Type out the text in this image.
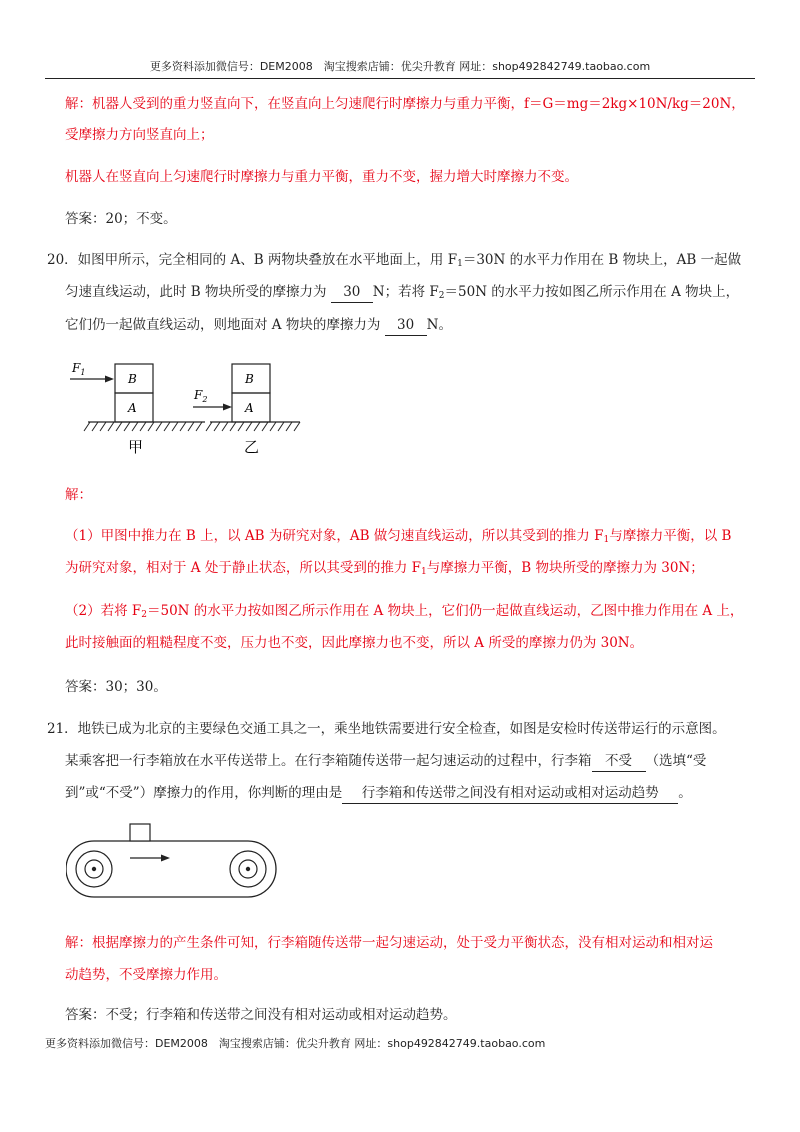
更多资料添加微信号：DEM2008　淘宝搜索店铺：优尖升教育 网址：shop492842749.taobao.com
解：机器人受到的重力竖直向下，在竖直向上匀速爬行时摩擦力与重力平衡，f＝G＝mg＝2kg×10N/kg＝20N，
受摩擦力方向竖直向上；
机器人在竖直向上匀速爬行时摩擦力与重力平衡，重力不变，握力增大时摩擦力不变。
答案：20；不变。
20．如图甲所示，完全相同的 A、B 两物块叠放在水平地面上，用 $F_1=30N$ 的水平力作用在 B 物块上，AB 一起做
匀速直线运动，此时 B 物块所受的摩擦力为 30 N；若将 $F_2=50N$ 的水平力按如图乙所示作用在 A 物块上，
它们仍一起做直线运动，则地面对 A 物块的摩擦力为 30 N。
B
A
$F_1$
甲
B
A
$F_2$
乙
解：
（1）甲图中推力在 B 上，以 AB 为研究对象，AB 做匀速直线运动，所以其受到的推力 $F_1$与摩擦力平衡，以 B
为研究对象，相对于 A 处于静止状态，所以其受到的推力 $F_1$与摩擦力平衡，B 物块所受的摩擦力为 30N；
（2）若将 $F_2=50N$ 的水平力按如图乙所示作用在 A 物块上，它们仍一起做直线运动，乙图中推力作用在 A 上，
此时接触面的粗糙程度不变，压力也不变，因此摩擦力也不变，所以 A 所受的摩擦力仍为 30N。
答案：30；30。
21．地铁已成为北京的主要绿色交通工具之一，乘坐地铁需要进行安全检查，如图是安检时传送带运行的示意图。
某乘客把一行李箱放在水平传送带上。在行李箱随传送带一起匀速运动的过程中，行李箱 不受 （选填“受
到”或“不受”）摩擦力的作用，你判断的理由是 行李箱和传送带之间没有相对运动或相对运动趋势 。
解：根据摩擦力的产生条件可知，行李箱随传送带一起匀速运动，处于受力平衡状态，没有相对运动和相对运
动趋势，不受摩擦力作用。
答案：不受；行李箱和传送带之间没有相对运动或相对运动趋势。
更多资料添加微信号：DEM2008　淘宝搜索店铺：优尖升教育 网址：shop492842749.taobao.com
